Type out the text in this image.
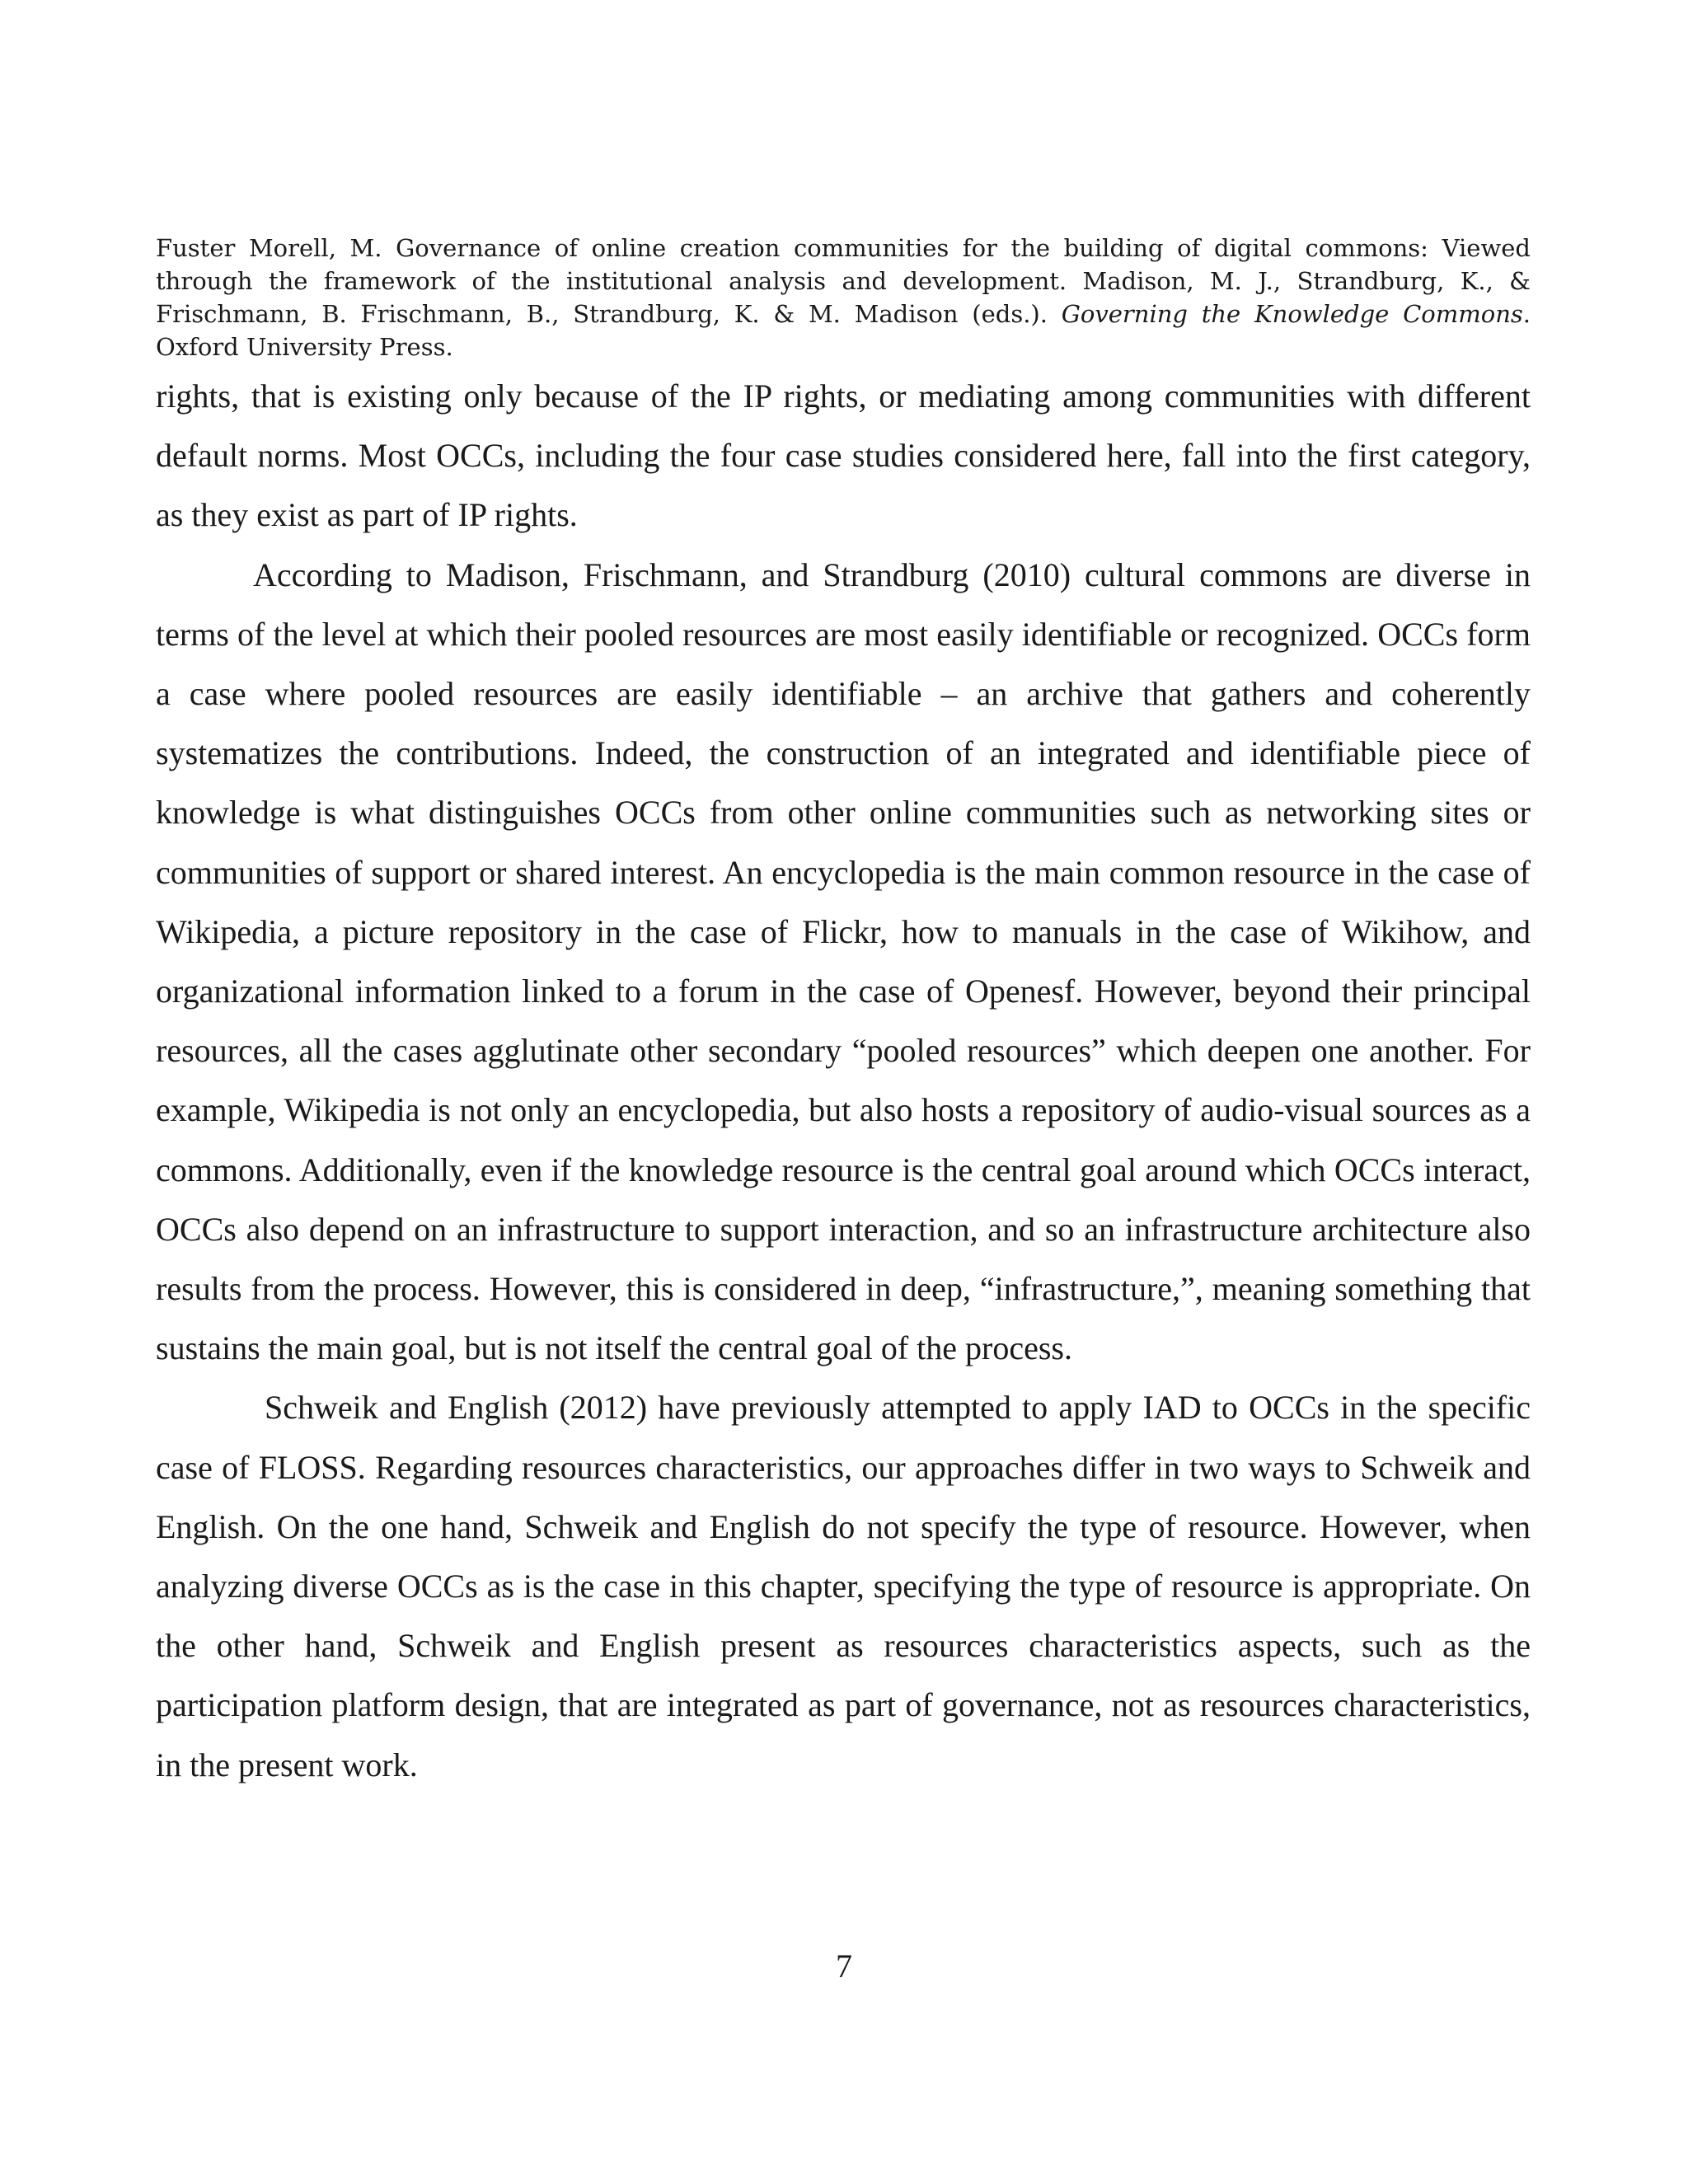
Fuster Morell, M. Governance of online creation communities for the building of digital commons: Viewed through the framework of the institutional analysis and development. Madison, M. J., Strandburg, K., & Frischmann, B. Frischmann, B., Strandburg, K. & M. Madison (eds.). Governing the Knowledge Commons. Oxford University Press.

rights, that is existing only because of the IP rights, or mediating among communities with different default norms. Most OCCs, including the four case studies considered here, fall into the first category, as they exist as part of IP rights.

According to Madison, Frischmann, and Strandburg (2010) cultural commons are diverse in terms of the level at which their pooled resources are most easily identifiable or recognized. OCCs form a case where pooled resources are easily identifiable – an archive that gathers and coherently systematizes the contributions. Indeed, the construction of an integrated and identifiable piece of knowledge is what distinguishes OCCs from other online communities such as networking sites or communities of support or shared interest. An encyclopedia is the main common resource in the case of Wikipedia, a picture repository in the case of Flickr, how to manuals in the case of Wikihow, and organizational information linked to a forum in the case of Openesf. However, beyond their principal resources, all the cases agglutinate other secondary “pooled resources” which deepen one another. For example, Wikipedia is not only an encyclopedia, but also hosts a repository of audio-visual sources as a commons. Additionally, even if the knowledge resource is the central goal around which OCCs interact, OCCs also depend on an infrastructure to support interaction, and so an infrastructure architecture also results from the process. However, this is considered in deep, “infrastructure,”, meaning something that sustains the main goal, but is not itself the central goal of the process.

Schweik and English (2012) have previously attempted to apply IAD to OCCs in the specific case of FLOSS. Regarding resources characteristics, our approaches differ in two ways to Schweik and English. On the one hand, Schweik and English do not specify the type of resource. However, when analyzing diverse OCCs as is the case in this chapter, specifying the type of resource is appropriate. On the other hand, Schweik and English present as resources characteristics aspects, such as the participation platform design, that are integrated as part of governance, not as resources characteristics, in the present work.

7
